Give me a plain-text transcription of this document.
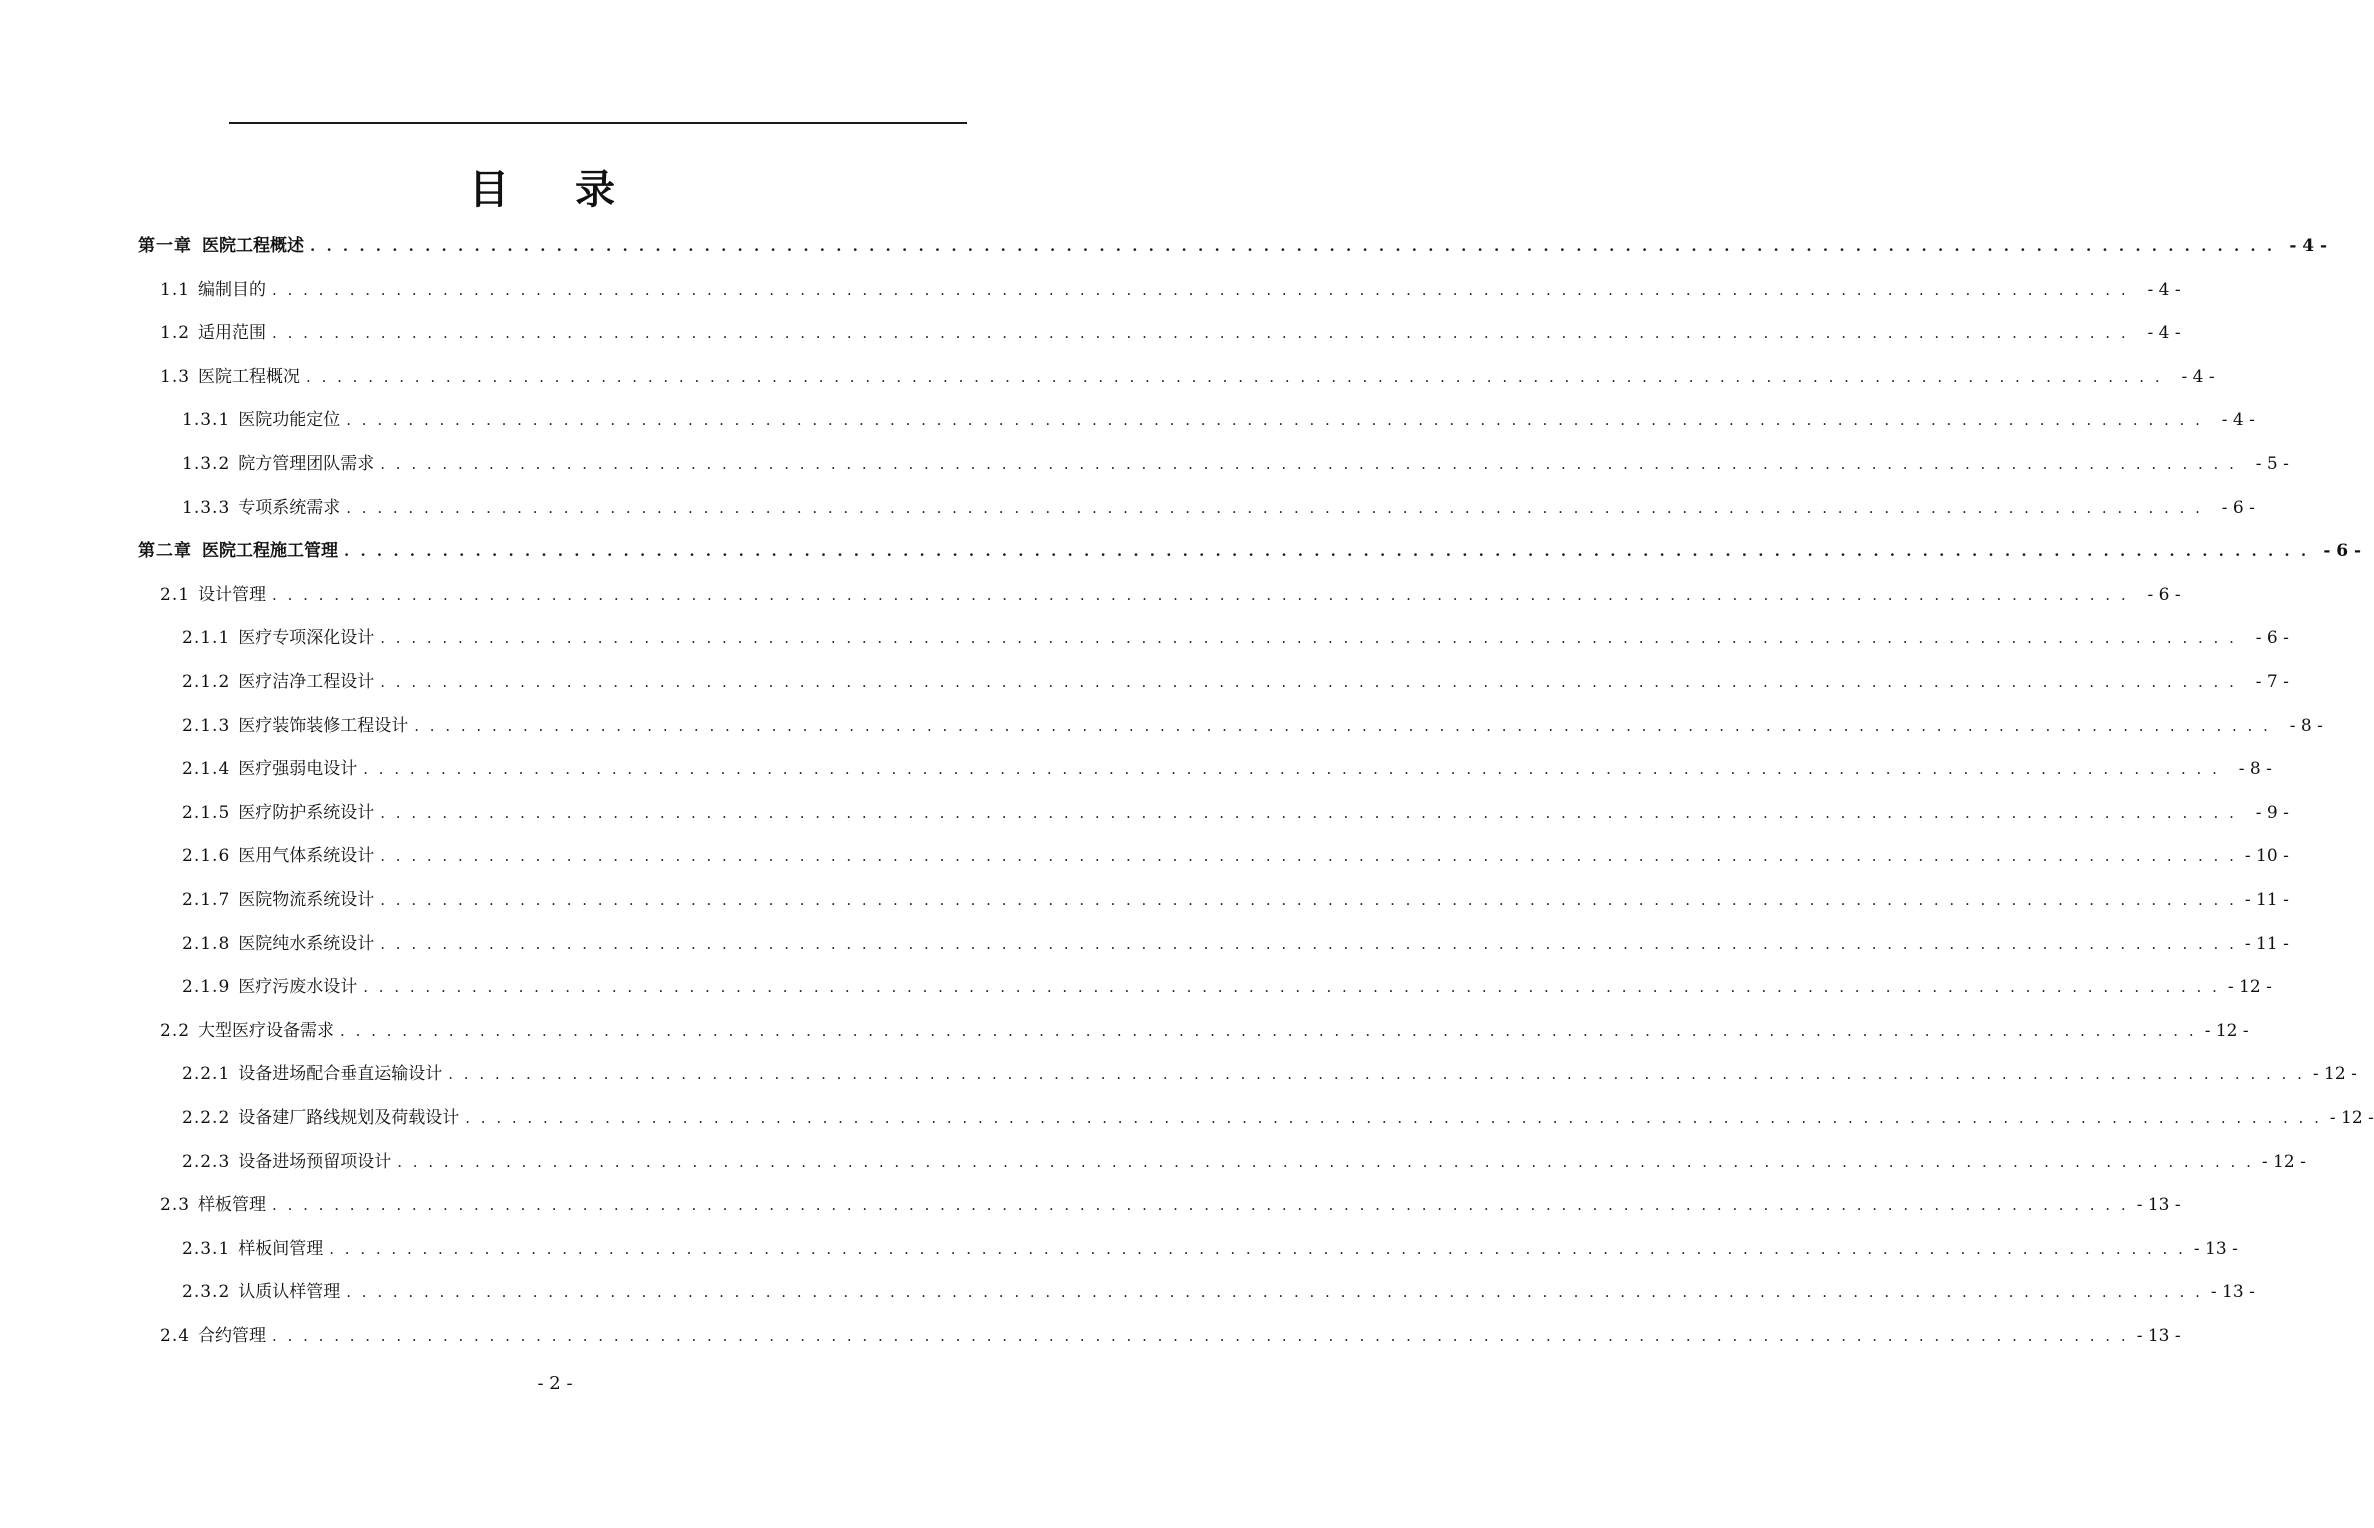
目 录
第一章 医院工程概述 . . . . . . . . . . . . . . . . . . . . . . . . . . . . . . . . . . . . . . . . . . . . . . . . . . . . . . . . . . . . . . . . . . . . . . . . . . . . . . . . . . . . . . . . . . . . . . . . . . . . . . . . . . . . . . . . . . . . . . . . - 4 -
1.1 编制目的 . . . . . . . . . . . . . . . . . . . . . . . . . . . . . . . . . . . . . . . . . . . . . . . . . . . . . . . . . . . . . . . . . . . . . . . . . . . . . . . . . . . . . . . . . . . . . . . . . . . . . . . . . . . . . . . . . . . . . . . .	- 4 -
1.2 适用范围 . . . . . . . . . . . . . . . . . . . . . . . . . . . . . . . . . . . . . . . . . . . . . . . . . . . . . . . . . . . . . . . . . . . . . . . . . . . . . . . . . . . . . . . . . . . . . . . . . . . . . . . . . . . . . . . . . . . . . . . .	- 4 -
1.3 医院工程概况 . . . . . . . . . . . . . . . . . . . . . . . . . . . . . . . . . . . . . . . . . . . . . . . . . . . . . . . . . . . . . . . . . . . . . . . . . . . . . . . . . . . . . . . . . . . . . . . . . . . . . . . . . . . . . . . . . . . . . . . .	- 4 -
1.3.1 医院功能定位 . . . . . . . . . . . . . . . . . . . . . . . . . . . . . . . . . . . . . . . . . . . . . . . . . . . . . . . . . . . . . . . . . . . . . . . . . . . . . . . . . . . . . . . . . . . . . . . . . . . . . . . . . . . . . . . . . . . . . . . .	- 4 -
1.3.2 院方管理团队需求 . . . . . . . . . . . . . . . . . . . . . . . . . . . . . . . . . . . . . . . . . . . . . . . . . . . . . . . . . . . . . . . . . . . . . . . . . . . . . . . . . . . . . . . . . . . . . . . . . . . . . . . . . . . . . . . . . . . . . . . .	- 5 -
1.3.3 专项系统需求 . . . . . . . . . . . . . . . . . . . . . . . . . . . . . . . . . . . . . . . . . . . . . . . . . . . . . . . . . . . . . . . . . . . . . . . . . . . . . . . . . . . . . . . . . . . . . . . . . . . . . . . . . . . . . . . . . . . . . . . .	- 6 -
第二章 医院工程施工管理 . . . . . . . . . . . . . . . . . . . . . . . . . . . . . . . . . . . . . . . . . . . . . . . . . . . . . . . . . . . . . . . . . . . . . . . . . . . . . . . . . . . . . . . . . . . . . . . . . . . . . . . . . . . . . . . . . . . . . . . . - 6 -
2.1 设计管理 . . . . . . . . . . . . . . . . . . . . . . . . . . . . . . . . . . . . . . . . . . . . . . . . . . . . . . . . . . . . . . . . . . . . . . . . . . . . . . . . . . . . . . . . . . . . . . . . . . . . . . . . . . . . . . . . . . . . . . . .	- 6 -
2.1.1 医疗专项深化设计 . . . . . . . . . . . . . . . . . . . . . . . . . . . . . . . . . . . . . . . . . . . . . . . . . . . . . . . . . . . . . . . . . . . . . . . . . . . . . . . . . . . . . . . . . . . . . . . . . . . . . . . . . . . . . . . . . . . . . . . .	- 6 -
2.1.2 医疗洁净工程设计 . . . . . . . . . . . . . . . . . . . . . . . . . . . . . . . . . . . . . . . . . . . . . . . . . . . . . . . . . . . . . . . . . . . . . . . . . . . . . . . . . . . . . . . . . . . . . . . . . . . . . . . . . . . . . . . . . . . . . . . .	- 7 -
2.1.3 医疗装饰装修工程设计 . . . . . . . . . . . . . . . . . . . . . . . . . . . . . . . . . . . . . . . . . . . . . . . . . . . . . . . . . . . . . . . . . . . . . . . . . . . . . . . . . . . . . . . . . . . . . . . . . . . . . . . . . . . . . . . . . . . . . . . .	- 8 -
2.1.4 医疗强弱电设计 . . . . . . . . . . . . . . . . . . . . . . . . . . . . . . . . . . . . . . . . . . . . . . . . . . . . . . . . . . . . . . . . . . . . . . . . . . . . . . . . . . . . . . . . . . . . . . . . . . . . . . . . . . . . . . . . . . . . . . . .	- 8 -
2.1.5 医疗防护系统设计 . . . . . . . . . . . . . . . . . . . . . . . . . . . . . . . . . . . . . . . . . . . . . . . . . . . . . . . . . . . . . . . . . . . . . . . . . . . . . . . . . . . . . . . . . . . . . . . . . . . . . . . . . . . . . . . . . . . . . . . .	- 9 -
2.1.6 医用气体系统设计 . . . . . . . . . . . . . . . . . . . . . . . . . . . . . . . . . . . . . . . . . . . . . . . . . . . . . . . . . . . . . . . . . . . . . . . . . . . . . . . . . . . . . . . . . . . . . . . . . . . . . . . . . . . . . . . . . . . . . . . . - 10 -
2.1.7 医院物流系统设计 . . . . . . . . . . . . . . . . . . . . . . . . . . . . . . . . . . . . . . . . . . . . . . . . . . . . . . . . . . . . . . . . . . . . . . . . . . . . . . . . . . . . . . . . . . . . . . . . . . . . . . . . . . . . . . . . . . . . . . . . - 11 -
2.1.8 医院纯水系统设计 . . . . . . . . . . . . . . . . . . . . . . . . . . . . . . . . . . . . . . . . . . . . . . . . . . . . . . . . . . . . . . . . . . . . . . . . . . . . . . . . . . . . . . . . . . . . . . . . . . . . . . . . . . . . . . . . . . . . . . . . - 11 -
2.1.9 医疗污废水设计 . . . . . . . . . . . . . . . . . . . . . . . . . . . . . . . . . . . . . . . . . . . . . . . . . . . . . . . . . . . . . . . . . . . . . . . . . . . . . . . . . . . . . . . . . . . . . . . . . . . . . . . . . . . . . . . . . . . . . . . . - 12 -
2.2 大型医疗设备需求 . . . . . . . . . . . . . . . . . . . . . . . . . . . . . . . . . . . . . . . . . . . . . . . . . . . . . . . . . . . . . . . . . . . . . . . . . . . . . . . . . . . . . . . . . . . . . . . . . . . . . . . . . . . . . . . . . . . . . . . . - 12 -
2.2.1 设备进场配合垂直运输设计 . . . . . . . . . . . . . . . . . . . . . . . . . . . . . . . . . . . . . . . . . . . . . . . . . . . . . . . . . . . . . . . . . . . . . . . . . . . . . . . . . . . . . . . . . . . . . . . . . . . . . . . . . . . . . . . . . . . . . . . . - 12 -
2.2.2 设备建厂路线规划及荷载设计 . . . . . . . . . . . . . . . . . . . . . . . . . . . . . . . . . . . . . . . . . . . . . . . . . . . . . . . . . . . . . . . . . . . . . . . . . . . . . . . . . . . . . . . . . . . . . . . . . . . . . . . . . . . . . . . . . . . . . . . . - 12 -
2.2.3 设备进场预留项设计 . . . . . . . . . . . . . . . . . . . . . . . . . . . . . . . . . . . . . . . . . . . . . . . . . . . . . . . . . . . . . . . . . . . . . . . . . . . . . . . . . . . . . . . . . . . . . . . . . . . . . . . . . . . . . . . . . . . . . . . . - 12 -
2.3 样板管理 . . . . . . . . . . . . . . . . . . . . . . . . . . . . . . . . . . . . . . . . . . . . . . . . . . . . . . . . . . . . . . . . . . . . . . . . . . . . . . . . . . . . . . . . . . . . . . . . . . . . . . . . . . . . . . . . . . . . . . . . - 13 -
2.3.1 样板间管理 . . . . . . . . . . . . . . . . . . . . . . . . . . . . . . . . . . . . . . . . . . . . . . . . . . . . . . . . . . . . . . . . . . . . . . . . . . . . . . . . . . . . . . . . . . . . . . . . . . . . . . . . . . . . . . . . . . . . . . . . - 13 -
2.3.2 认质认样管理 . . . . . . . . . . . . . . . . . . . . . . . . . . . . . . . . . . . . . . . . . . . . . . . . . . . . . . . . . . . . . . . . . . . . . . . . . . . . . . . . . . . . . . . . . . . . . . . . . . . . . . . . . . . . . . . . . . . . . . . . - 13 -
2.4 合约管理 . . . . . . . . . . . . . . . . . . . . . . . . . . . . . . . . . . . . . . . . . . . . . . . . . . . . . . . . . . . . . . . . . . . . . . . . . . . . . . . . . . . . . . . . . . . . . . . . . . . . . . . . . . . . . . . . . . . . . . . . - 13 -
- 2 -
